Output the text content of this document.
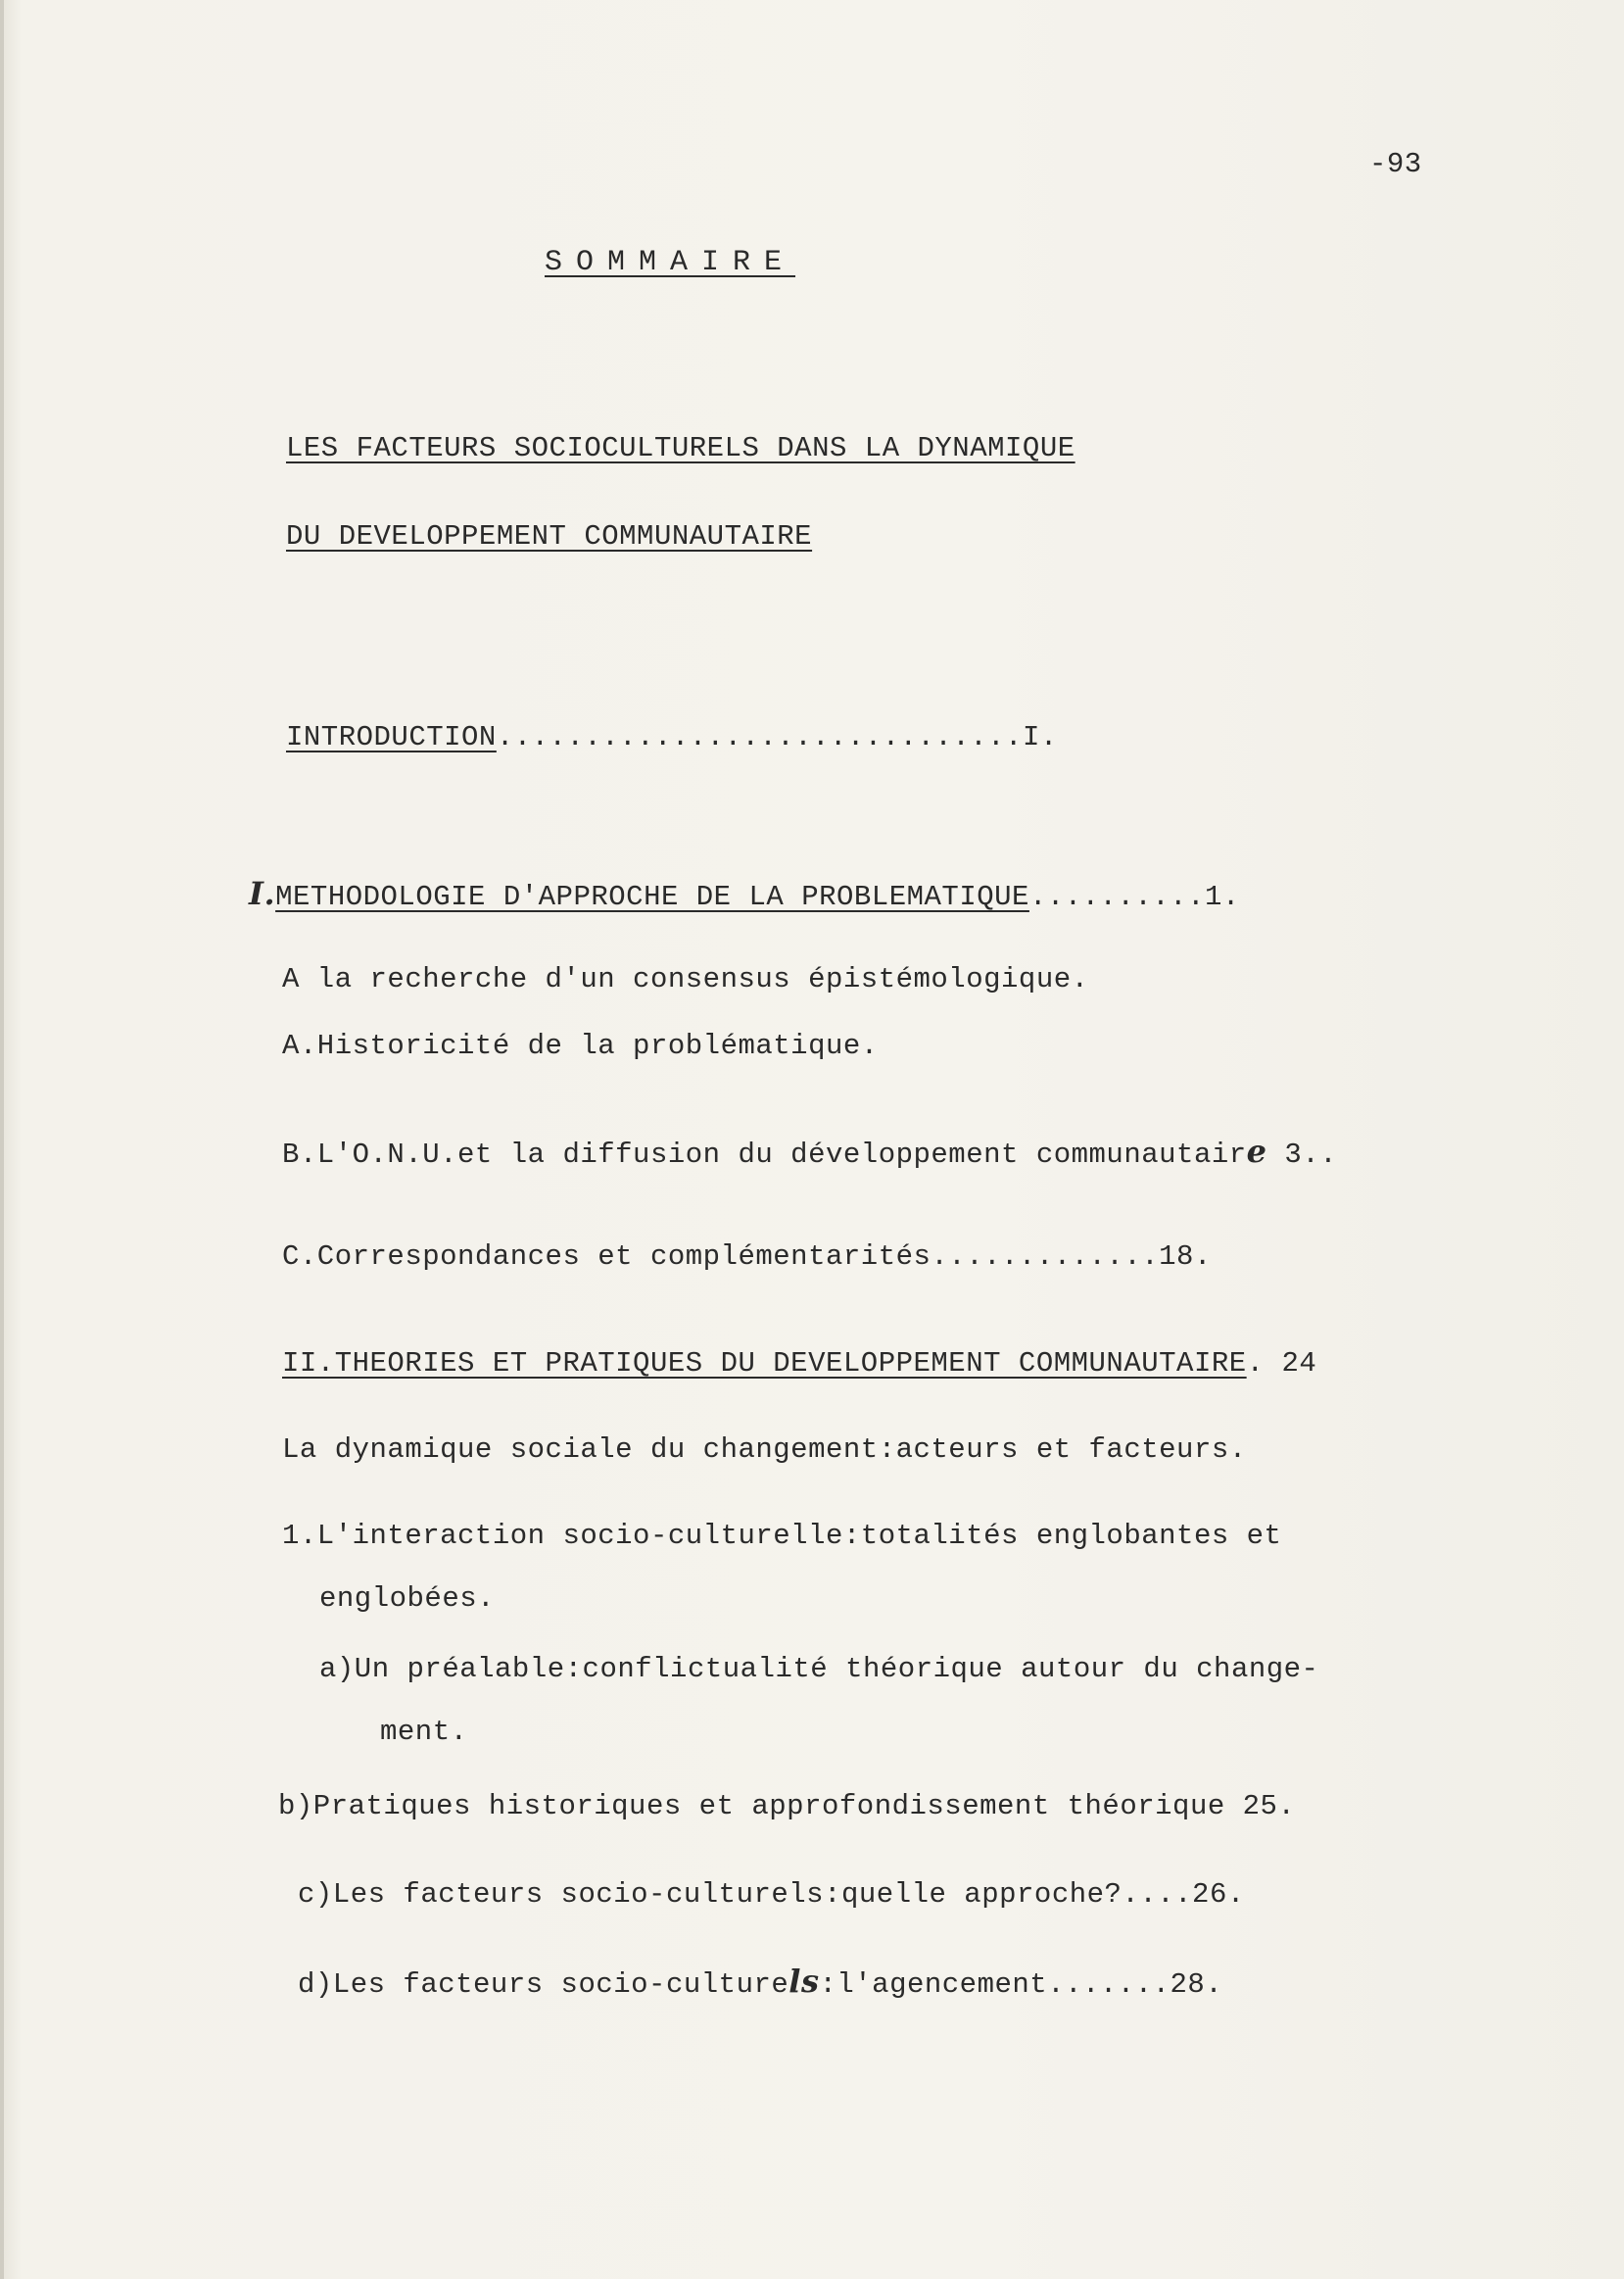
-93
SOMMAIRE
LES FACTEURS SOCIOCULTURELS DANS LA DYNAMIQUE
DU DEVELOPPEMENT COMMUNAUTAIRE
INTRODUCTION..............................I.
I.METHODOLOGIE D'APPROCHE DE LA PROBLEMATIQUE..........1.
A la recherche d'un consensus épistémologique.
A.Historicité de la problématique.
B.L'O.N.U.et la diffusion du développement communautaire 3..
C.Correspondances et complémentarités.............18.
II.THEORIES ET PRATIQUES DU DEVELOPPEMENT COMMUNAUTAIRE. 24
La dynamique sociale du changement:acteurs et facteurs.
1.L'interaction socio-culturelle:totalités englobantes et
englobées.
a)Un préalable:conflictualité théorique autour du change-
ment.
b)Pratiques historiques et approfondissement théorique 25.
c)Les facteurs socio-culturels:quelle approche?....26.
d)Les facteurs socio-culturels:l'agencement.......28.
